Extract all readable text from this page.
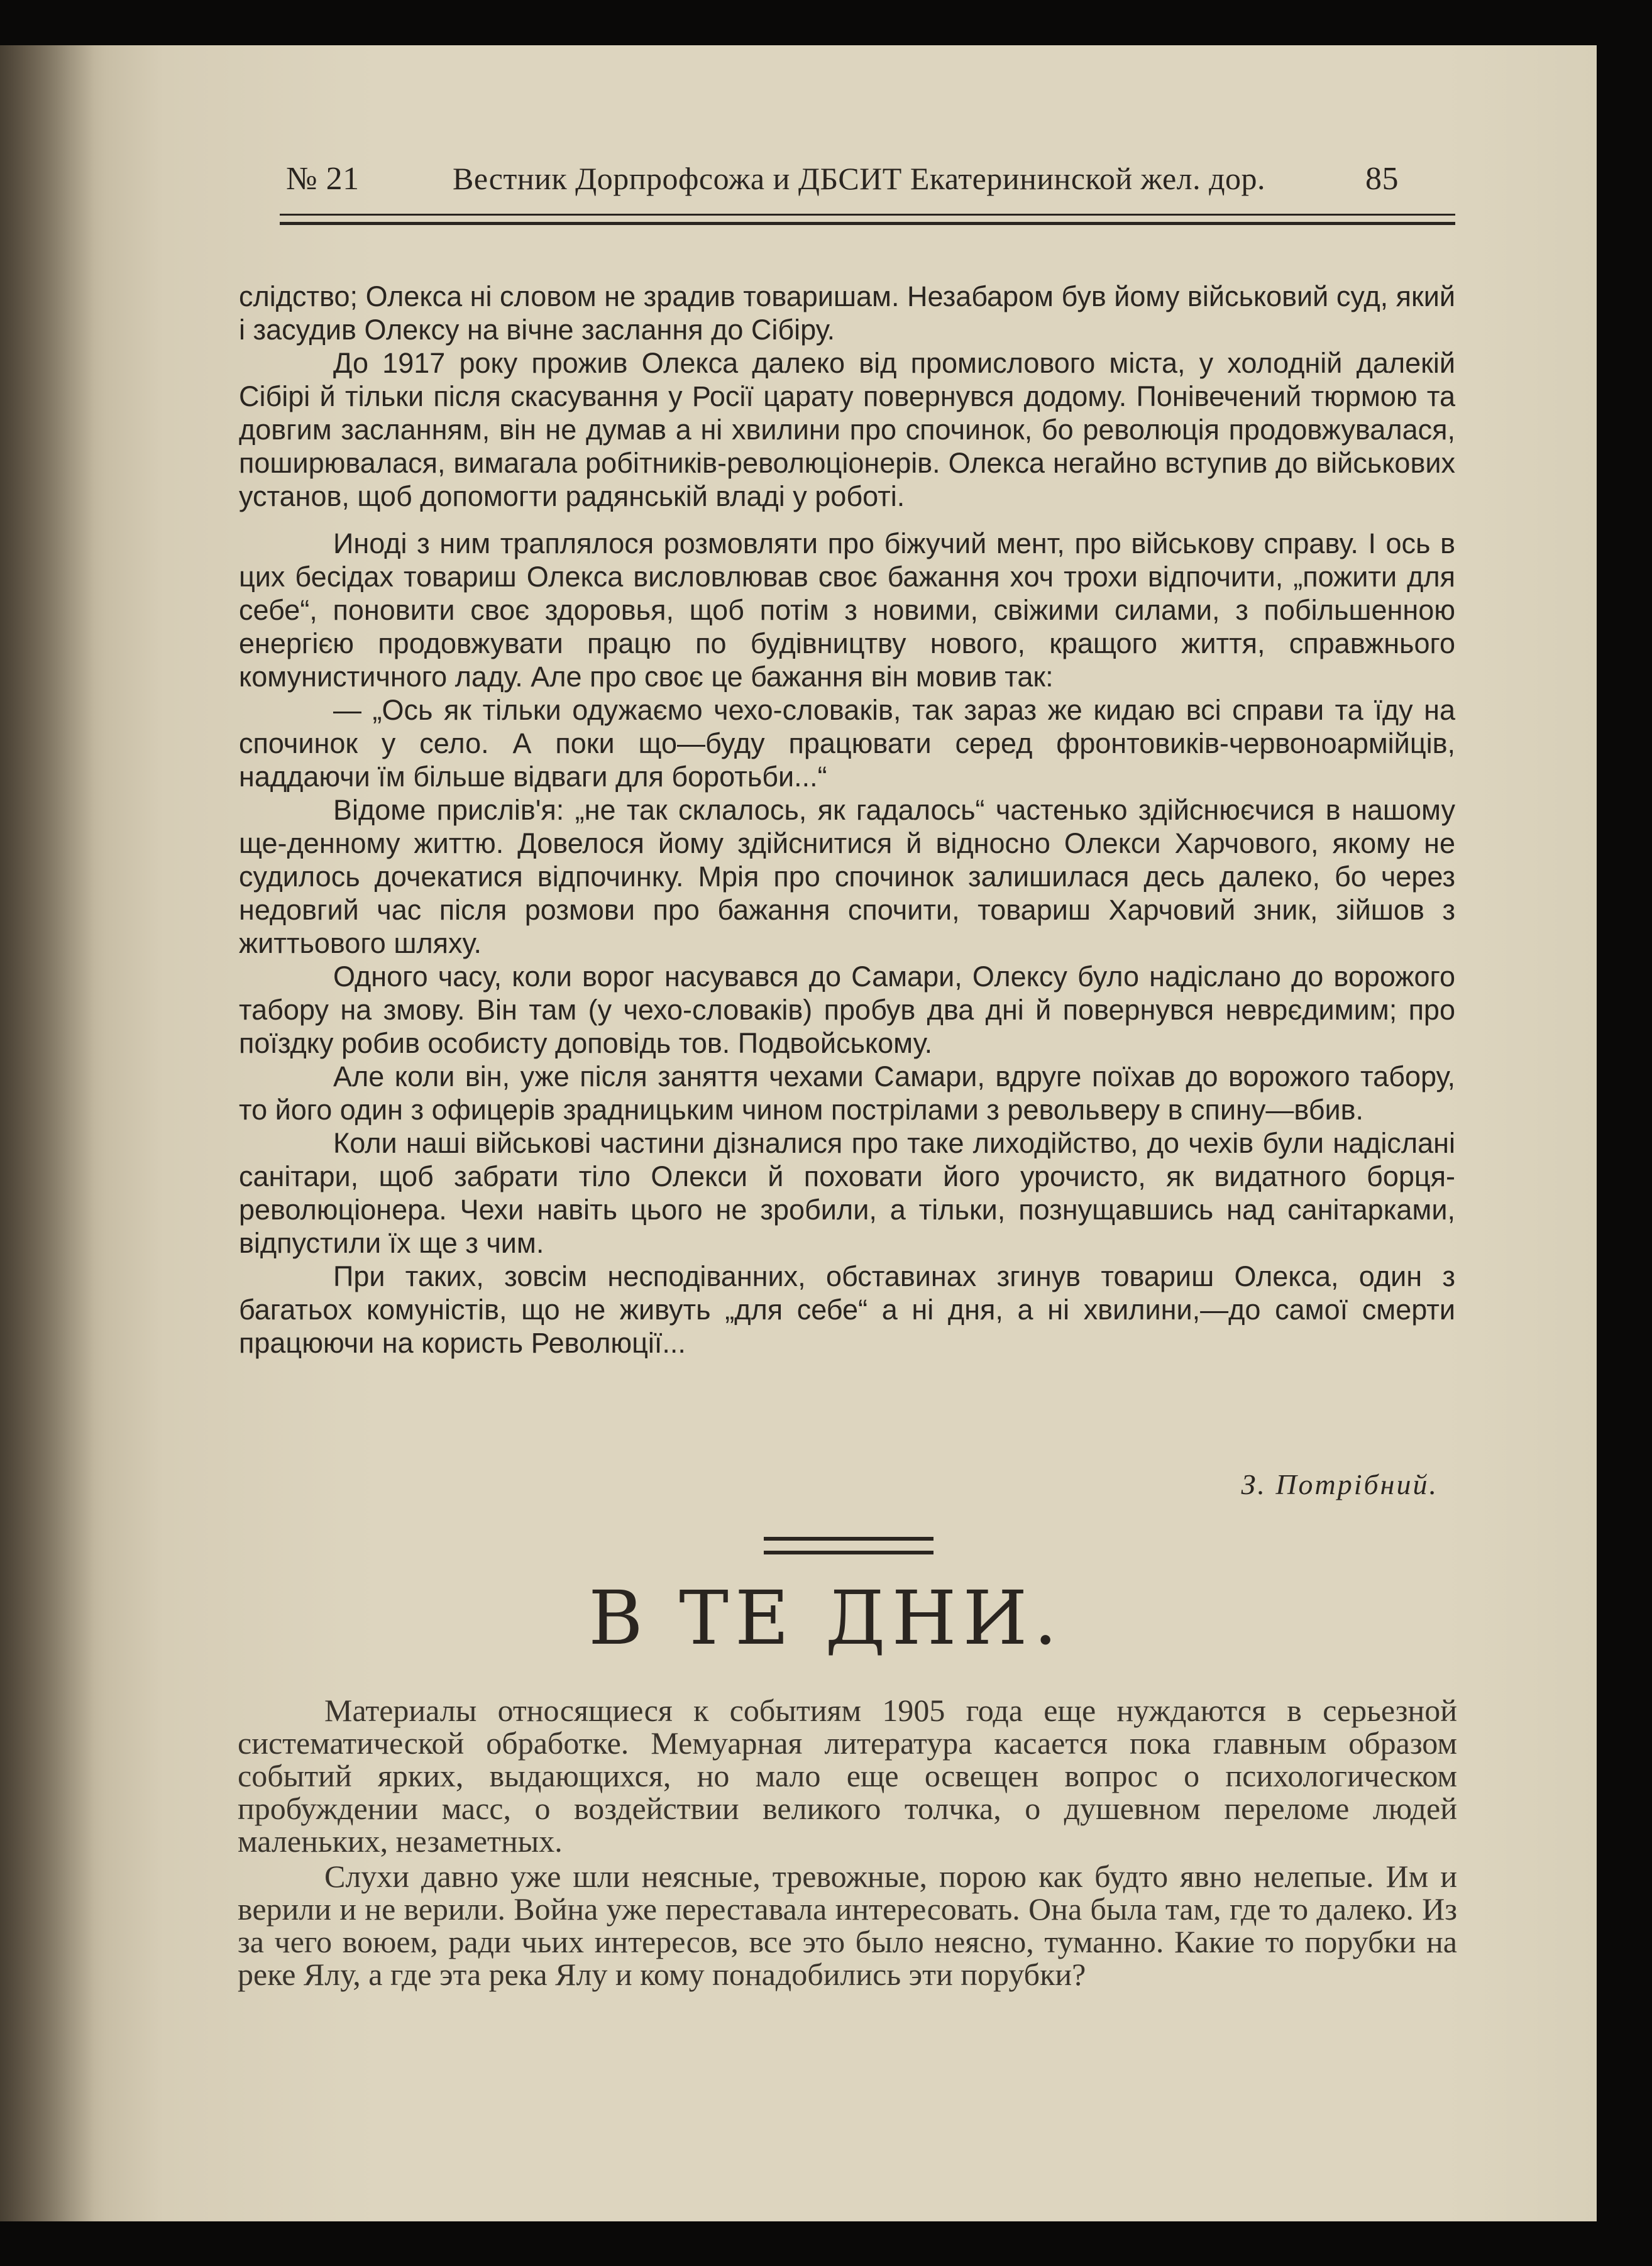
№ 21	Вестник Дорпрофсожа и ДБСИТ Екатерининской жел. дор.	85

слідство; Олекса ні словом не зрадив товаришам. Незабаром був йому військовий суд, який і засудив Олексу на вічне заслання до Сібіру.

До 1917 року прожив Олекса далеко від промислового міста, у холодній далекій Сібірі й тільки після скасування у Росії царату повернувся додому. Понівечений тюрмою та довгим засланням, він не думав а ні хвилини про спочинок, бо революція продовжувалася, поширювалася, вимагала робітників-революціонерів. Олекса негайно вступив до військових установ, щоб допомогти радянській владі у роботі.

Иноді з ним траплялося розмовляти про біжучий мент, про військову справу. І ось в цих бесідах товариш Олекса висловлював своє бажання хоч трохи відпочити, „пожити для себе“, поновити своє здоровья, щоб потім з новими, свіжими силами, з побільшенною енергією продовжувати працю по будівництву нового, кращого життя, справжнього комунистичного ладу. Але про своє це бажання він мовив так:

— „Ось як тільки одужаємо чехо-словаків, так зараз же кидаю всі справи та їду на спочинок у село. А поки що—буду працювати серед фронтовиків-червоноармійців, наддаючи їм більше відваги для боротьби...“

Відоме прислів'я: „не так склалось, як гадалось“ частенько здійснюєчися в нашому ще-денному життю. Довелося йому здійснитися й відносно Олекси Харчового, якому не судилось дочекатися відпочинку. Мрія про спочинок залишилася десь далеко, бо через недовгий час після розмови про бажання спочити, товариш Харчовий зник, зійшов з життьового шляху.

Одного часу, коли ворог насувався до Самари, Олексу було надіслано до ворожого табору на змову. Він там (у чехо-словаків) пробув два дні й повернувся неврєдимим; про поїздку робив особисту доповідь тов. Подвойському.

Але коли він, уже після заняття чехами Самари, вдруге поїхав до ворожого табору, то його один з офицерів зрадницьким чином пострілами з револьверу в спину—вбив.

Коли наші військові частини дізналися про таке лиходійство, до чехів були надіслані санітари, щоб забрати тіло Олекси й поховати його урочисто, як видатного борця-революціонера. Чехи навіть цього не зробили, а тільки, познущавшись над санітарками, відпустили їх ще з чим.

При таких, зовсім несподіванних, обставинах згинув товариш Олекса, один з багатьох комуністів, що не живуть „для себе“ а ні дня, а ні хвилини,—до самої смерти працюючи на користь Революції...

З. Потрібний.
В ТЕ ДНИ.

Материалы относящиеся к событиям 1905 года еще нуждаются в серьезной систематической обработке. Мемуарная литература касается пока главным образом событий ярких, выдающихся, но мало еще освещен вопрос о психологическом пробуждении масс, о воздействии великого толчка, о душевном переломе людей маленьких, незаметных.

Слухи давно уже шли неясные, тревожные, порою как будто явно нелепые. Им и верили и не верили. Война уже переставала интересовать. Она была там, где то далеко. Из за чего воюем, ради чьих интересов, все это было неясно, туманно. Какие то порубки на реке Ялу, а где эта река Ялу и кому понадобились эти порубки?
